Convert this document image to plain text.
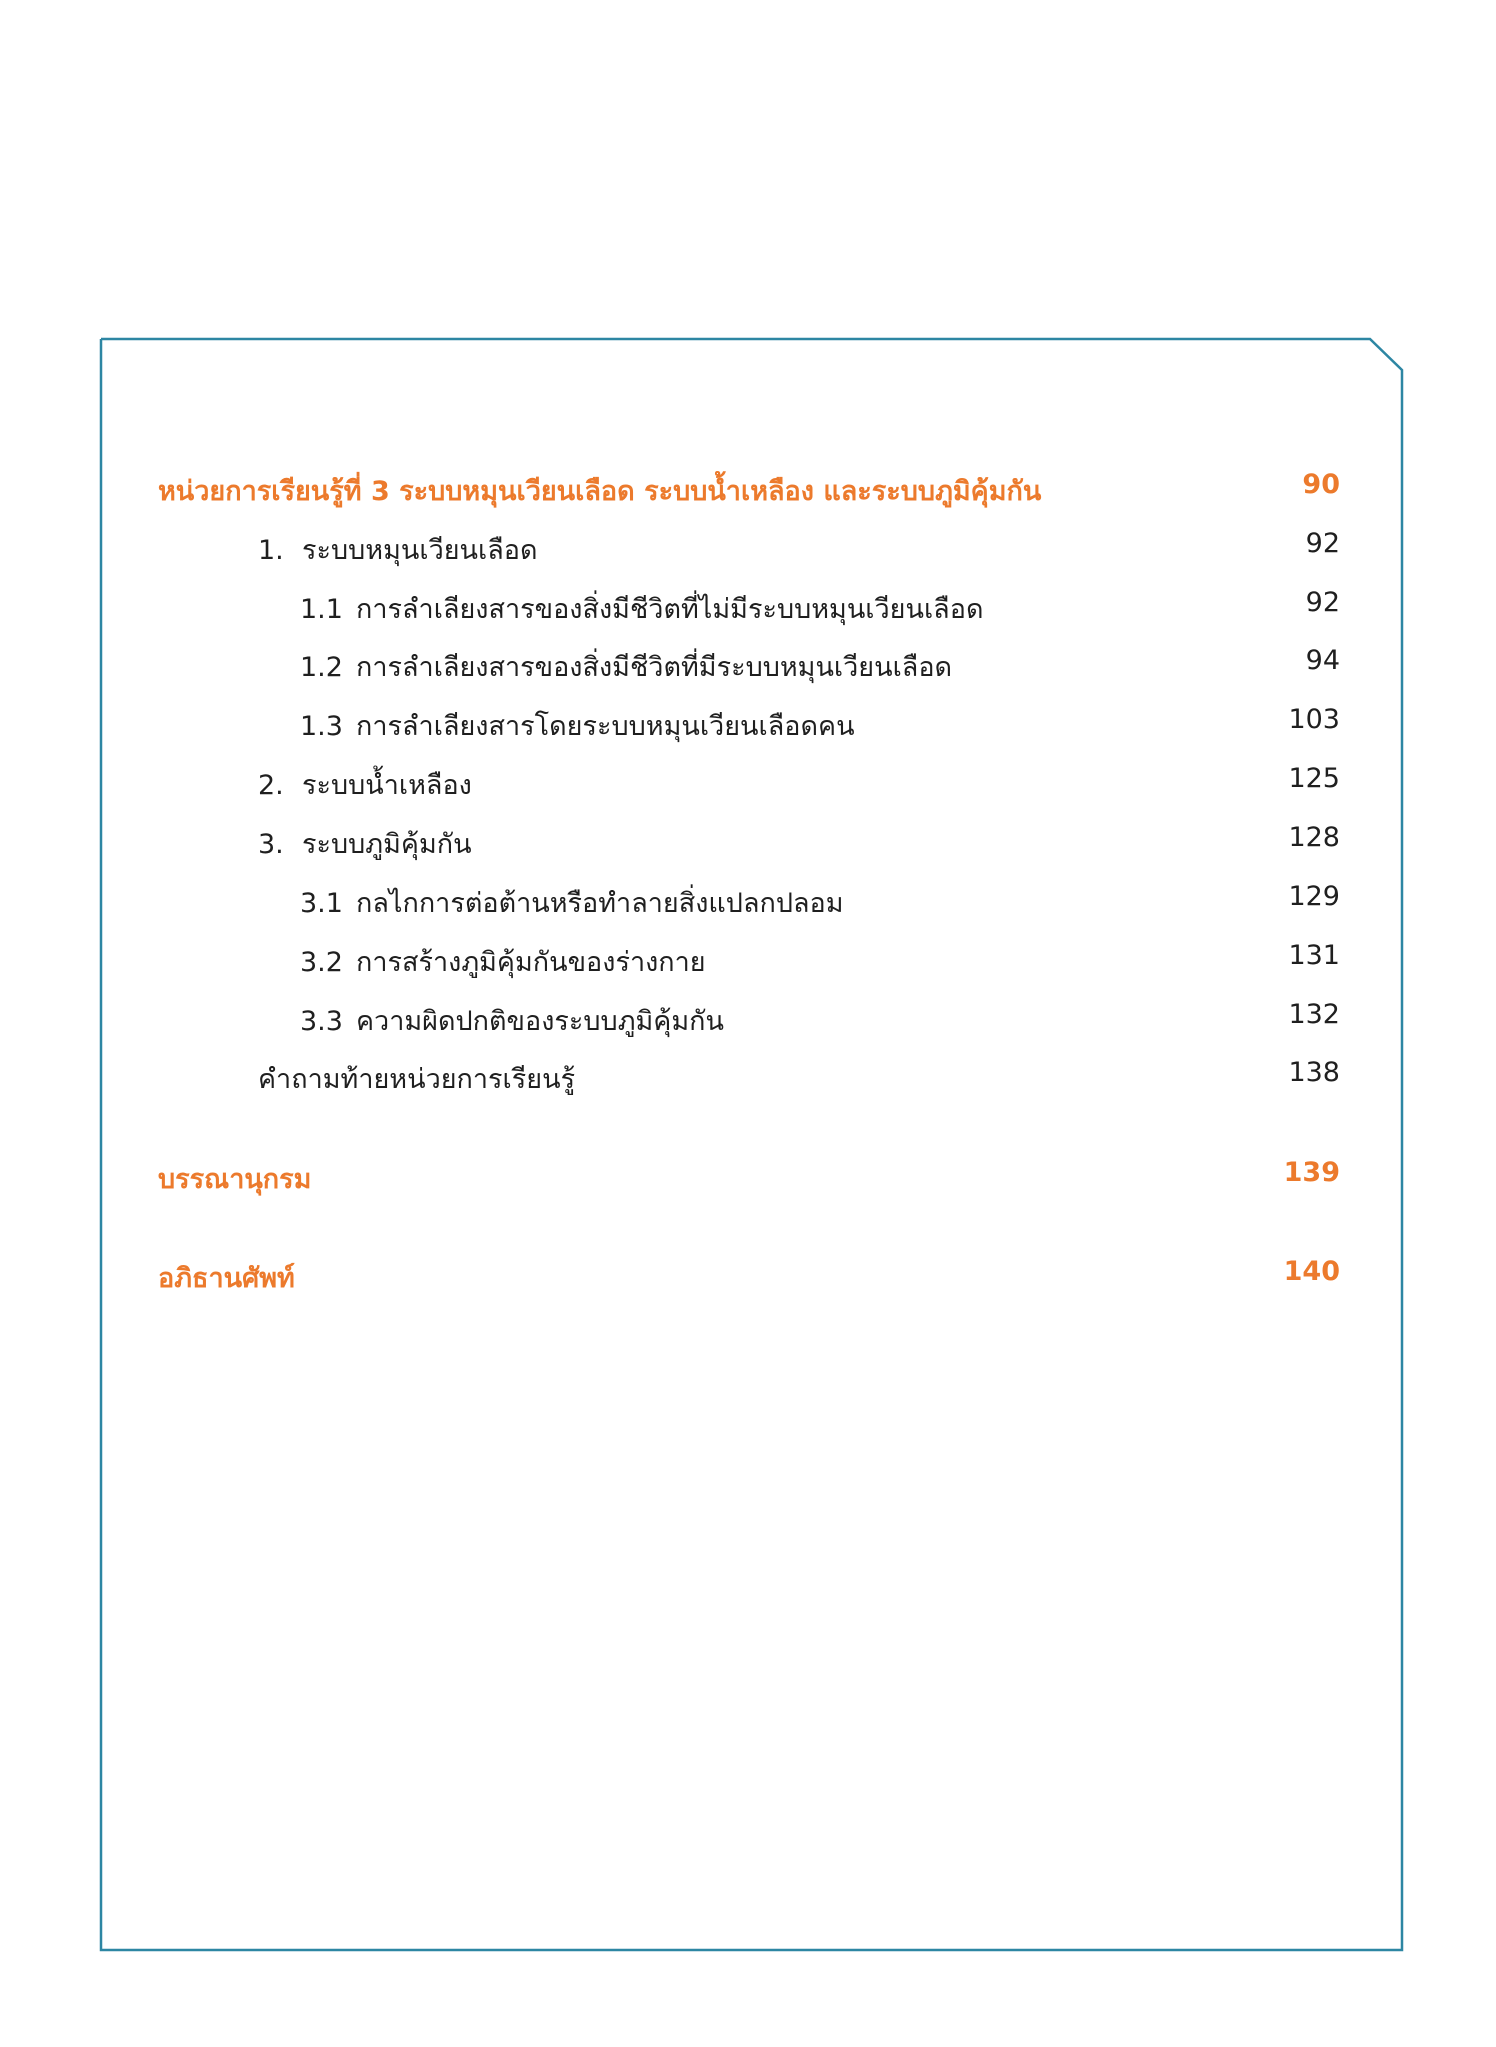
หน่วยการเรียนรู้ที่ 3 ระบบหมุนเวียนเลือด ระบบน้ำเหลือง และระบบภูมิคุ้มกัน	90
1. ระบบหมุนเวียนเลือด	92
1.1 การลำเลียงสารของสิ่งมีชีวิตที่ไม่มีระบบหมุนเวียนเลือด	92
1.2 การลำเลียงสารของสิ่งมีชีวิตที่มีระบบหมุนเวียนเลือด	94
1.3 การลำเลียงสารโดยระบบหมุนเวียนเลือดคน	103
2. ระบบน้ำเหลือง	125
3. ระบบภูมิคุ้มกัน	128
3.1 กลไกการต่อต้านหรือทำลายสิ่งแปลกปลอม	129
3.2 การสร้างภูมิคุ้มกันของร่างกาย	131
3.3 ความผิดปกติของระบบภูมิคุ้มกัน	132
คำถามท้ายหน่วยการเรียนรู้	138
บรรณานุกรม	139
อภิธานศัพท์	140
